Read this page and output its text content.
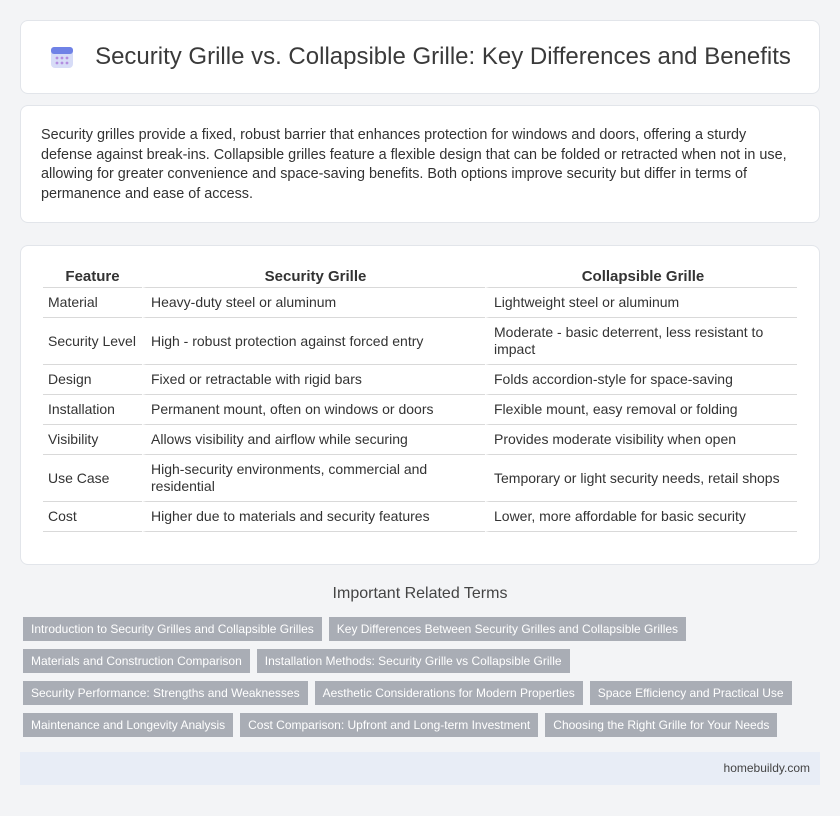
Security Grille vs. Collapsible Grille: Key Differences and Benefits

Security grilles provide a fixed, robust barrier that enhances protection for windows and doors, offering a sturdy defense against break-ins. Collapsible grilles feature a flexible design that can be folded or retracted when not in use, allowing for greater convenience and space-saving benefits. Both options improve security but differ in terms of permanence and ease of access.

Feature	Security Grille	Collapsible Grille
Material	Heavy-duty steel or aluminum	Lightweight steel or aluminum
Security Level	High - robust protection against forced entry	Moderate - basic deterrent, less resistant to impact
Design	Fixed or retractable with rigid bars	Folds accordion-style for space-saving
Installation	Permanent mount, often on windows or doors	Flexible mount, easy removal or folding
Visibility	Allows visibility and airflow while securing	Provides moderate visibility when open
Use Case	High-security environments, commercial and residential	Temporary or light security needs, retail shops
Cost	Higher due to materials and security features	Lower, more affordable for basic security
Important Related Terms
Introduction to Security Grilles and Collapsible Grilles	Key Differences Between Security Grilles and Collapsible Grilles
Materials and Construction Comparison	Installation Methods: Security Grille vs Collapsible Grille
Security Performance: Strengths and Weaknesses	Aesthetic Considerations for Modern Properties	Space Efficiency and Practical Use
Maintenance and Longevity Analysis	Cost Comparison: Upfront and Long-term Investment	Choosing the Right Grille for Your Needs
homebuildy.com
